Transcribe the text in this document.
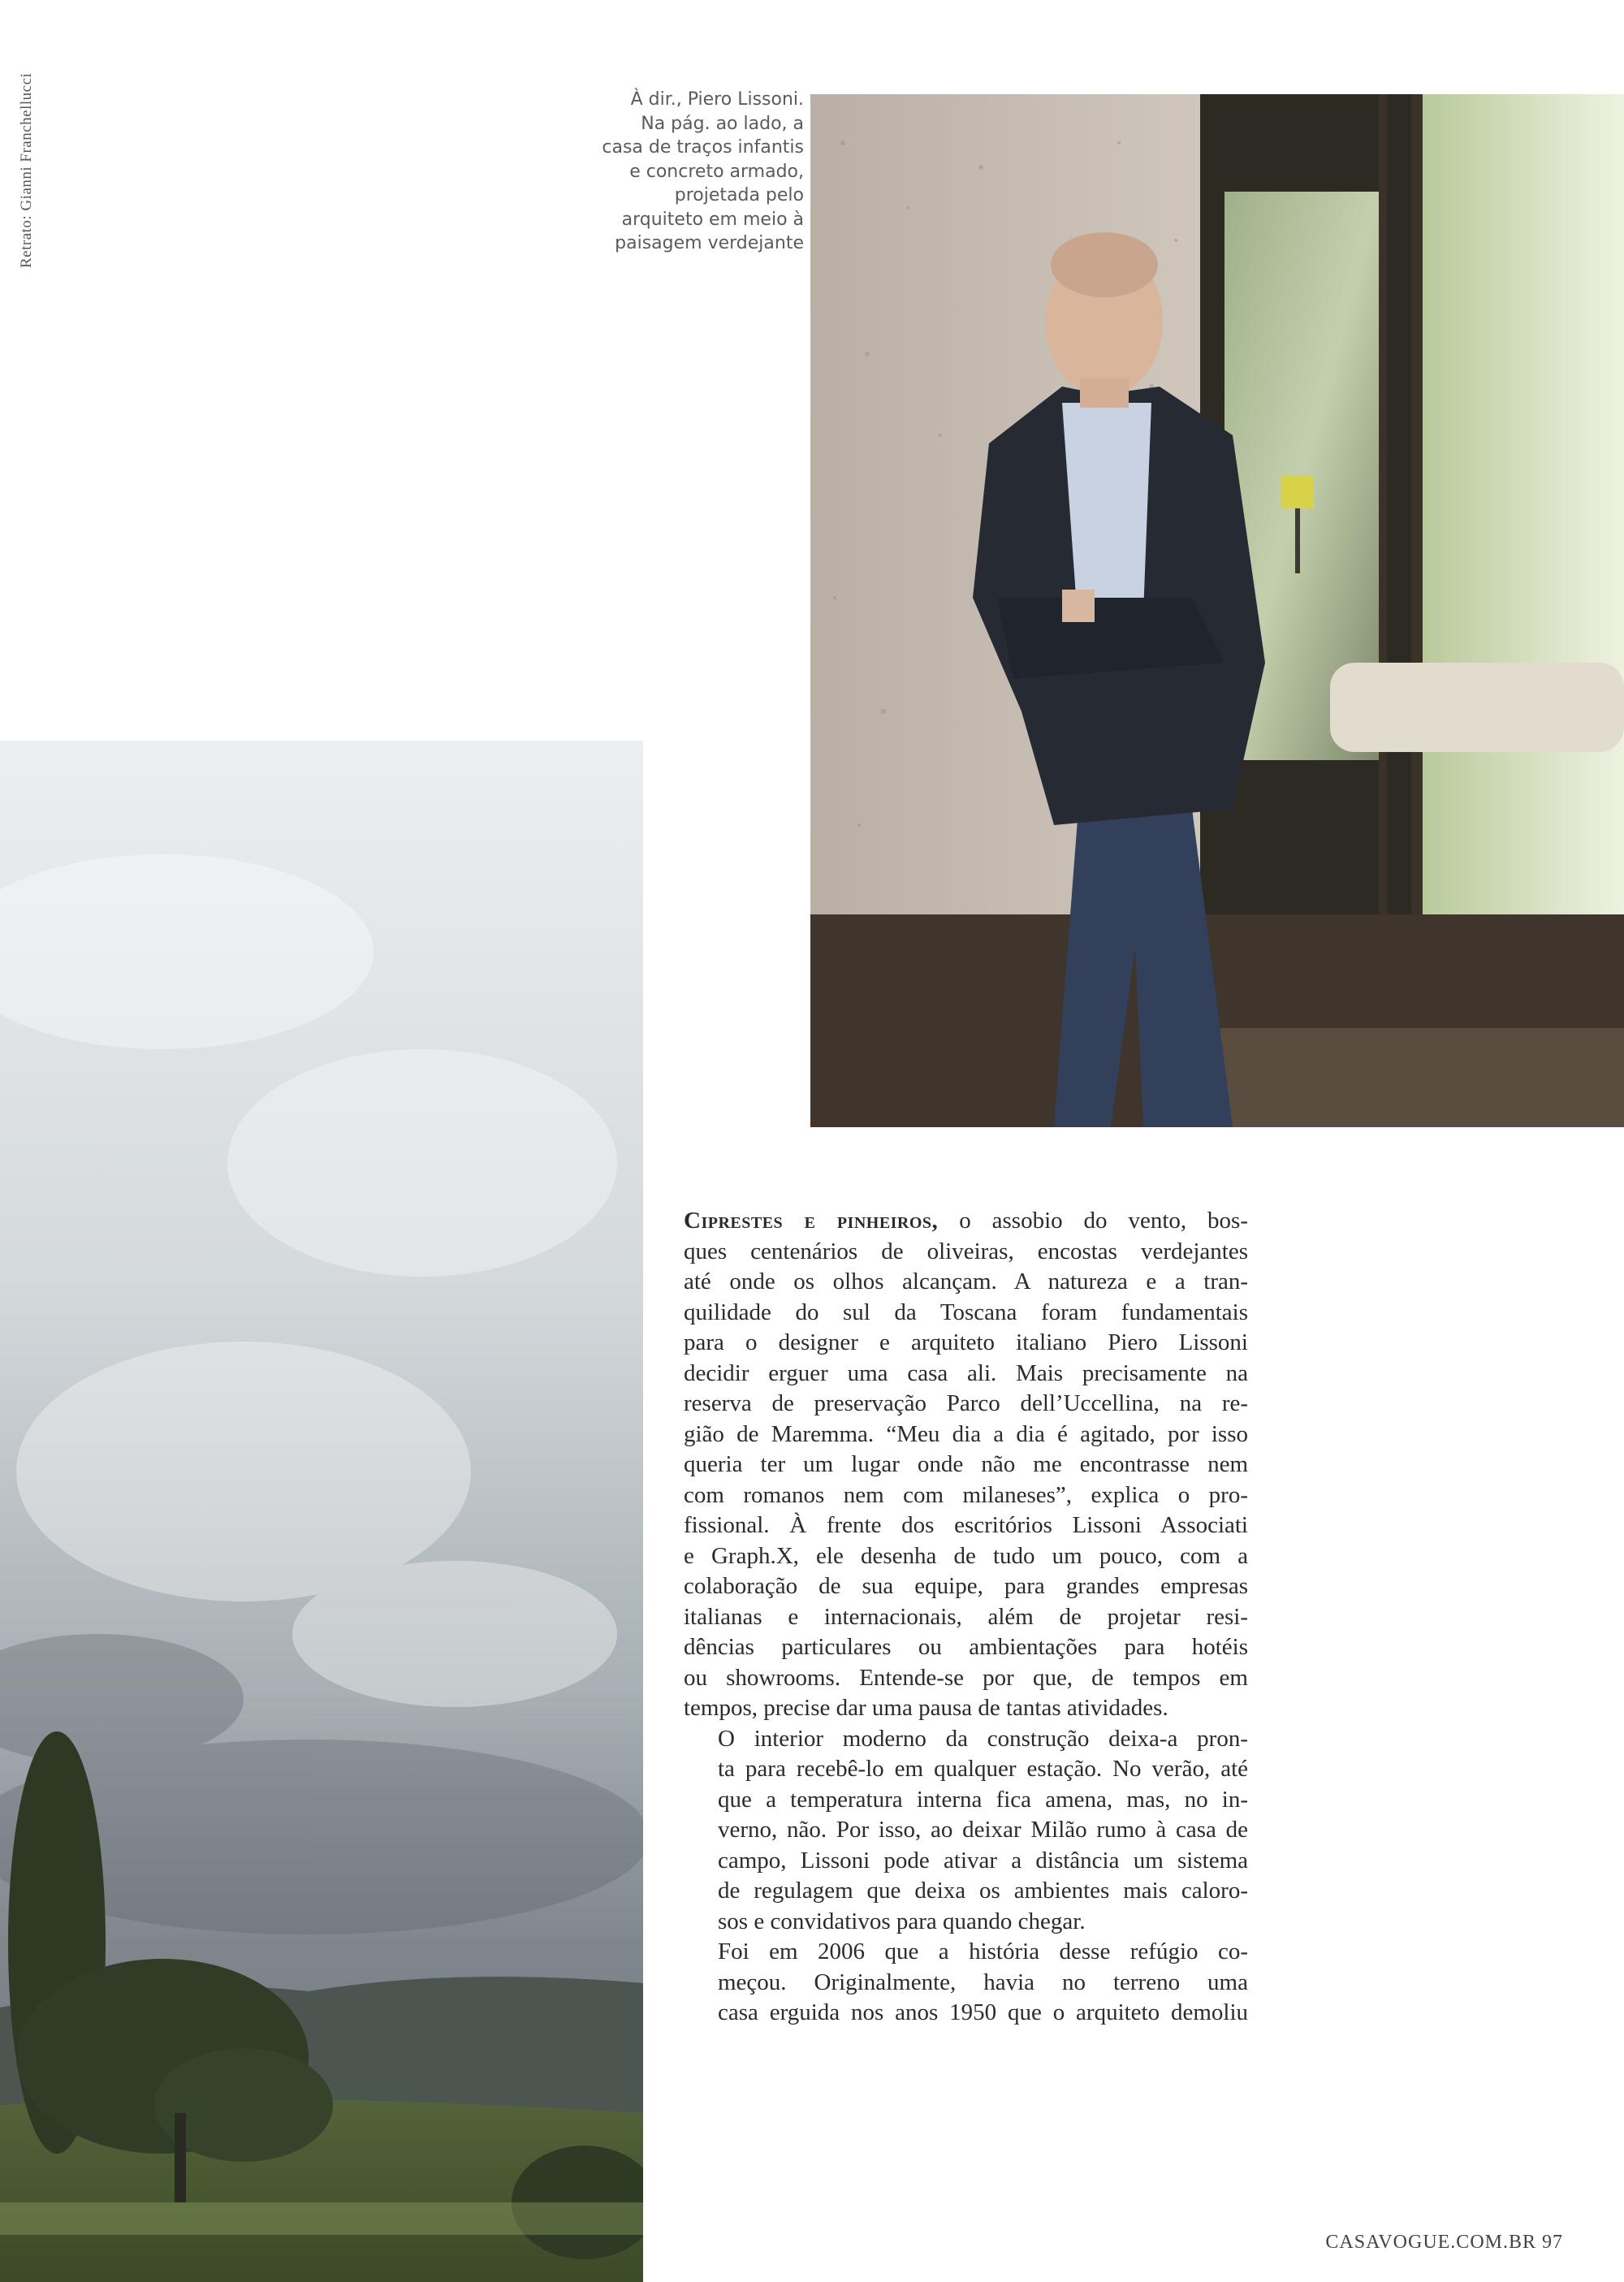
Retrato: Gianni Franchellucci	À dir., Piero Lissoni.
Na pág. ao lado, a
casa de traços infantis
e concreto armado,
projetada pelo
arquiteto em meio à
paisagem verdejante

Ciprestes e pinheiros, o assobio do vento, bos-
ques centenários de oliveiras, encostas verdejantes
até onde os olhos alcançam. A natureza e a tran-
quilidade do sul da Toscana foram fundamentais
para o designer e arquiteto italiano Piero Lissoni
decidir erguer uma casa ali. Mais precisamente na
reserva de preservação Parco dell’Uccellina, na re-
gião de Maremma. “Meu dia a dia é agitado, por isso
queria ter um lugar onde não me encontrasse nem
com romanos nem com milaneses”, explica o pro-
fissional. À frente dos escritórios Lissoni Associati
e Graph.X, ele desenha de tudo um pouco, com a
colaboração de sua equipe, para grandes empresas
italianas e internacionais, além de projetar resi-
dências particulares ou ambientações para hotéis
ou showrooms. Entende-se por que, de tempos em
tempos, precise dar uma pausa de tantas atividades.

O interior moderno da construção deixa-a pron-
ta para recebê-lo em qualquer estação. No verão, até
que a temperatura interna fica amena, mas, no in-
verno, não. Por isso, ao deixar Milão rumo à casa de
campo, Lissoni pode ativar a distância um sistema
de regulagem que deixa os ambientes mais caloro-
sos e convidativos para quando chegar.

Foi em 2006 que a história desse refúgio co-
meçou. Originalmente, havia no terreno uma
casa erguida nos anos 1950 que o arquiteto demoliu

CASAVOGUE.COM.BR 97
